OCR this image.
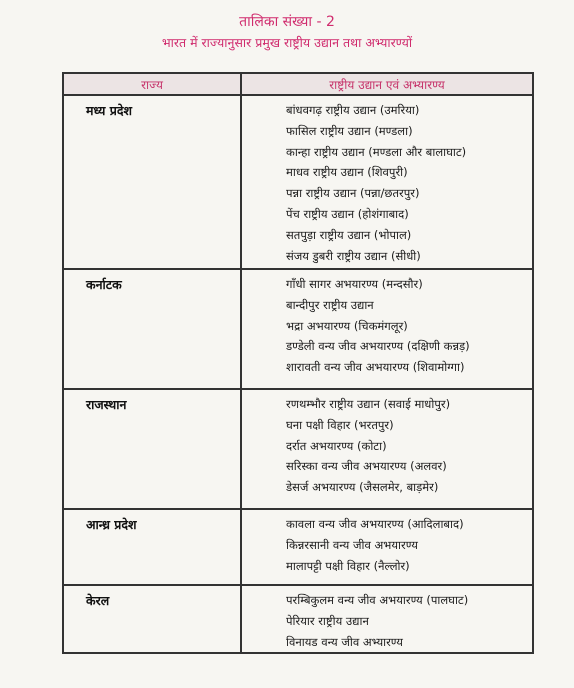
तालिका संख्या - 2
भारत में राज्यानुसार प्रमुख राष्ट्रीय उद्यान तथा अभ्यारण्यों
राज्य	राष्ट्रीय उद्यान एवं अभ्यारण्य
मध्य प्रदेश	बांधवगढ़ राष्ट्रीय उद्यान (उमरिया)
फासिल राष्ट्रीय उद्यान (मण्डला)
कान्हा राष्ट्रीय उद्यान (मण्डला और बालाघाट)
माधव राष्ट्रीय उद्यान (शिवपुरी)
पन्ना राष्ट्रीय उद्यान (पन्ना/छतरपुर)
पेंच राष्ट्रीय उद्यान (होशंगाबाद)
सतपुड़ा राष्ट्रीय उद्यान (भोपाल)
संजय डुबरी राष्ट्रीय उद्यान (सीधी)
कर्नाटक	गाँधी सागर अभयारण्य (मन्दसौर)
बान्दीपुर राष्ट्रीय उद्यान
भद्रा अभयारण्य (चिकमंगलूर)
डण्डेली वन्य जीव अभयारण्य (दक्षिणी कन्नड़)
शारावती वन्य जीव अभयारण्य (शिवामोग्गा)
राजस्थान	रणथम्भौर राष्ट्रीय उद्यान (सवाई माधोपुर)
घना पक्षी विहार (भरतपुर)
दर्रात अभयारण्य (कोटा)
सरिस्का वन्य जीव अभयारण्य (अलवर)
डेसर्ज अभयारण्य (जैसलमेर, बाड़मेर)
आन्ध्र प्रदेश	कावला वन्य जीव अभयारण्य (आदिलाबाद)
किन्नरसानी वन्य जीव अभयारण्य
मालापट्टी पक्षी विहार (नैल्लोर)
केरल	परम्बिकुलम वन्य जीव अभयारण्य (पालघाट)
पेरियार राष्ट्रीय उद्यान
विनायड वन्य जीव अभ्यारण्य
